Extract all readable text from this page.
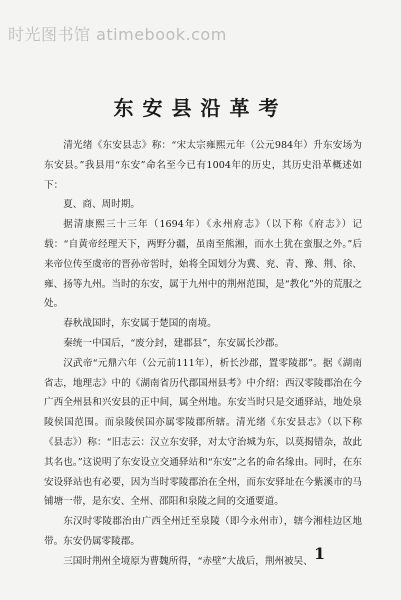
时光图书馆 atimebook.com
东安县沿革考

清光绪《东安县志》称：“宋太宗雍熙元年（公元984年）升东安场为东安县。”我县用“东安”命名至今已有1004年的历史，其历史沿革概述如下：

夏、商、周时期。

据清康熙三十三年（1694年）《永州府志》（以下称《府志》）记载：“自黄帝经理天下，两野分疆，虽南至熊湘，而水土犹在蛮服之外。”后来帝位传至虞帝的晋孙帝喾时，始将全国划分为冀、兖、青、豫、荆、徐、雍、扬等九州。当时的东安，属于九州中的荆州范围，是“教化”外的荒服之处。

春秋战国时，东安属于楚国的南境。

秦统一中国后，“废分封，建郡县”，东安属长沙郡。

汉武帝“元鼎六年（公元前111年），析长沙郡，置零陵郡”。据《湖南省志，地理志》中的《湖南省历代郡国州县考》中介绍：西汉零陵郡治在今广西全州县和兴安县的正中间，属全州地。东安当时只是交通驿站，地处泉陵侯国范围。而泉陵侯国亦属零陵郡所辖。清光绪《东安县志》（以下称《县志》）称：“旧志云：汉立东安驿，对太守治城为东，以莫揭错杂，故此其名也。”这说明了东安设立交通驿站和“东安”之名的命名缘由。同时，在东安设驿站也有必要，因为当时零陵郡治在全州，而东安驿址在今紫溪市的马铺塘一带，是东安、全州、邵阳和泉陵之间的交通要道。

东汉时零陵郡治由广西全州迁至泉陵（即今永州市），辖今湘桂边区地带。东安仍属零陵郡。

三国时荆州全境原为曹魏所得，“赤壁”大战后，荆州被吴、 1
